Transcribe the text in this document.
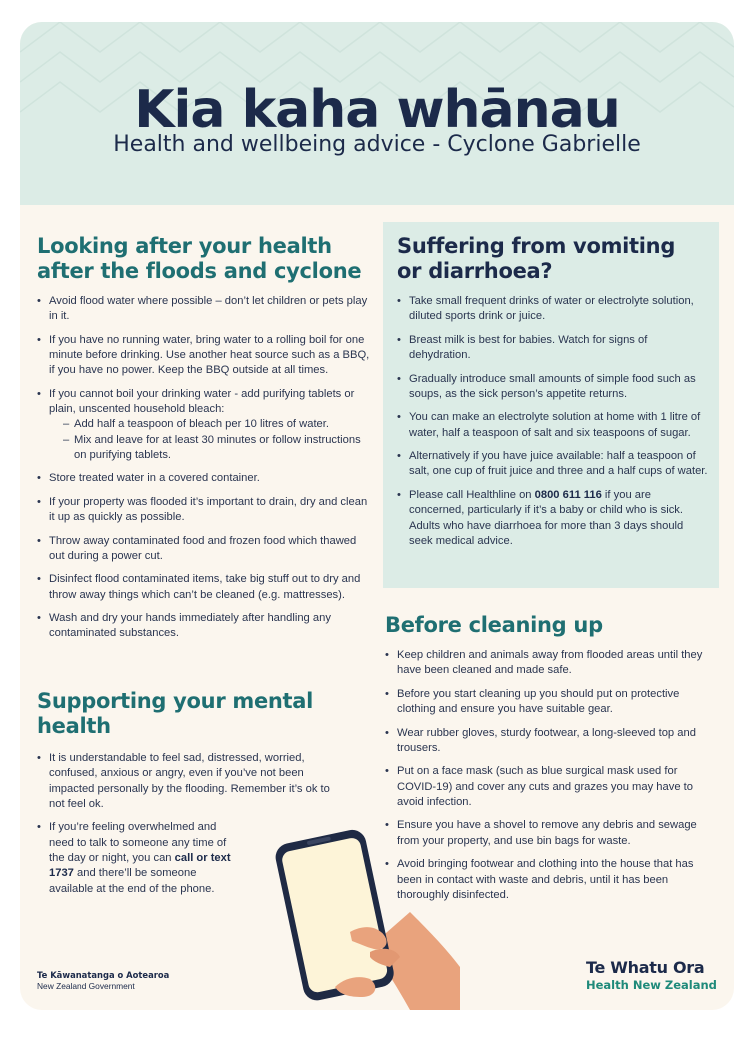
Kia kaha whānau
Health and wellbeing advice - Cyclone Gabrielle
Looking after your health
after the floods and cyclone
• Avoid flood water where possible – don’t let children or pets play in it.
• If you have no running water, bring water to a rolling boil for one minute before drinking. Use another heat source such as a BBQ, if you have no power. Keep the BBQ outside at all times.
• If you cannot boil your drinking water - add purifying tablets or plain, unscented household bleach:
– Add half a teaspoon of bleach per 10 litres of water.
– Mix and leave for at least 30 minutes or follow instructions on purifying tablets.
• Store treated water in a covered container.
• If your property was flooded it’s important to drain, dry and clean it up as quickly as possible.
• Throw away contaminated food and frozen food which thawed out during a power cut.
• Disinfect flood contaminated items, take big stuff out to dry and throw away things which can’t be cleaned (e.g. mattresses).
• Wash and dry your hands immediately after handling any contaminated substances.
Supporting your mental
health
• It is understandable to feel sad, distressed, worried, confused, anxious or angry, even if you’ve not been impacted personally by the flooding. Remember it’s ok to not feel ok.
• If you’re feeling overwhelmed and need to talk to someone any time of the day or night, you can call or text 1737 and there’ll be someone available at the end of the phone.
Suffering from vomiting
or diarrhoea?
• Take small frequent drinks of water or electrolyte solution, diluted sports drink or juice.
• Breast milk is best for babies. Watch for signs of dehydration.
• Gradually introduce small amounts of simple food such as soups, as the sick person’s appetite returns.
• You can make an electrolyte solution at home with 1 litre of water, half a teaspoon of salt and six teaspoons of sugar.
• Alternatively if you have juice available: half a teaspoon of salt, one cup of fruit juice and three and a half cups of water.
• Please call Healthline on 0800 611 116 if you are concerned, particularly if it’s a baby or child who is sick. Adults who have diarrhoea for more than 3 days should seek medical advice.
Before cleaning up
• Keep children and animals away from flooded areas until they have been cleaned and made safe.
• Before you start cleaning up you should put on protective clothing and ensure you have suitable gear.
• Wear rubber gloves, sturdy footwear, a long-sleeved top and trousers.
• Put on a face mask (such as blue surgical mask used for COVID-19) and cover any cuts and grazes you may have to avoid infection.
• Ensure you have a shovel to remove any debris and sewage from your property, and use bin bags for waste.
• Avoid bringing footwear and clothing into the house that has been in contact with waste and debris, until it has been thoroughly disinfected.
Te Kāwanatanga o Aotearoa
New Zealand Government
Te Whatu Ora
Health New Zealand
